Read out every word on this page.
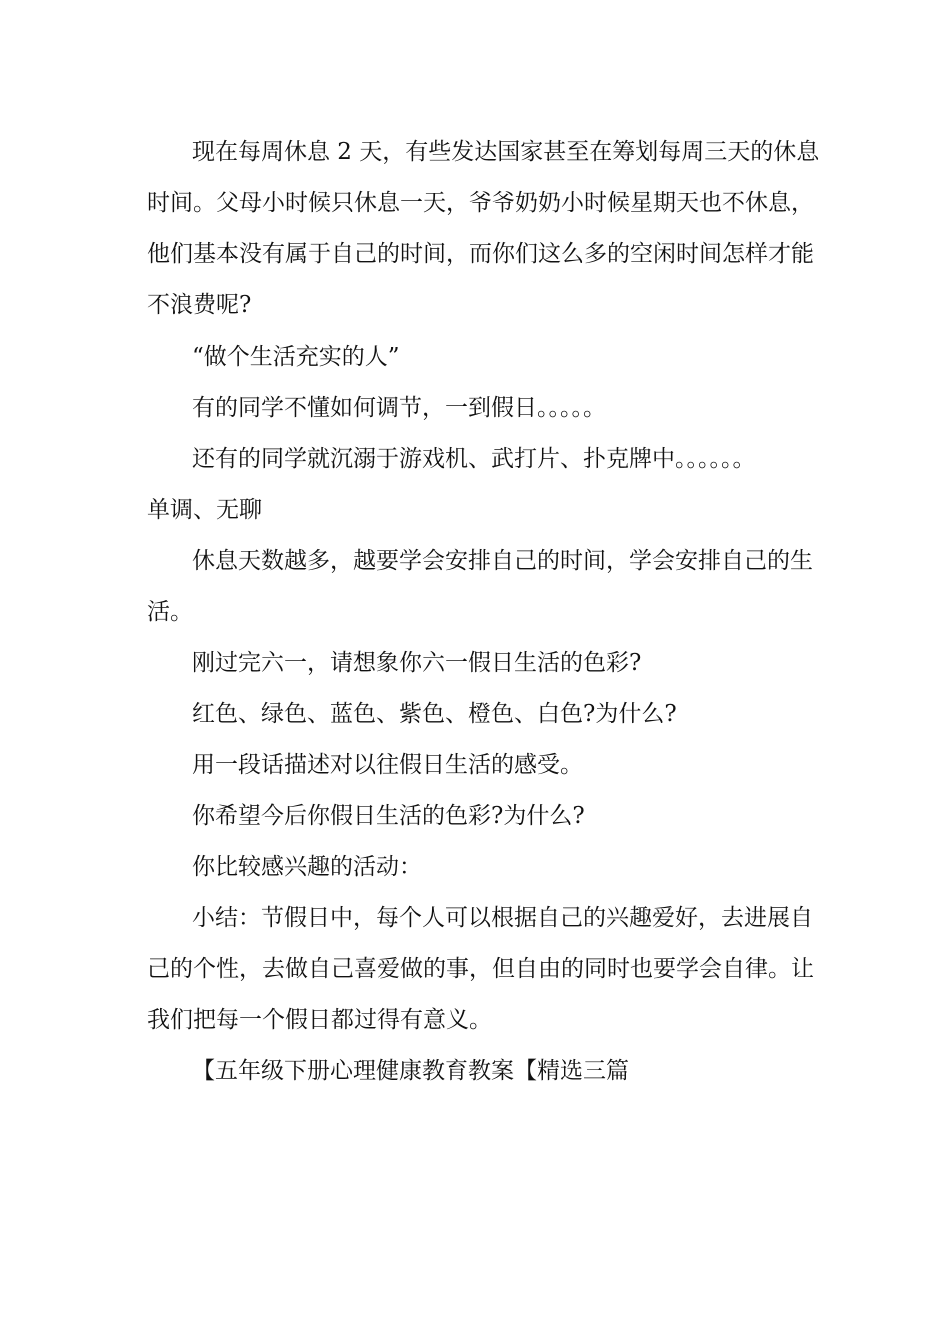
现在每周休息 2 天，有些发达国家甚至在筹划每周三天的休息
时间。父母小时候只休息一天，爷爷奶奶小时候星期天也不休息，
他们基本没有属于自己的时间，而你们这么多的空闲时间怎样才能
不浪费呢?
“做个生活充实的人”
有的同学不懂如何调节，一到假日。。。。。
还有的同学就沉溺于游戏机、武打片、扑克牌中。。。。。。
单调、无聊
休息天数越多，越要学会安排自己的时间，学会安排自己的生
活。
刚过完六一，请想象你六一假日生活的色彩?
红色、绿色、蓝色、紫色、橙色、白色?为什么?
用一段话描述对以往假日生活的感受。
你希望今后你假日生活的色彩?为什么?
你比较感兴趣的活动：
小结：节假日中，每个人可以根据自己的兴趣爱好，去进展自
己的个性，去做自己喜爱做的事，但自由的同时也要学会自律。让
我们把每一个假日都过得有意义。
【五年级下册心理健康教育教案【精选三篇
